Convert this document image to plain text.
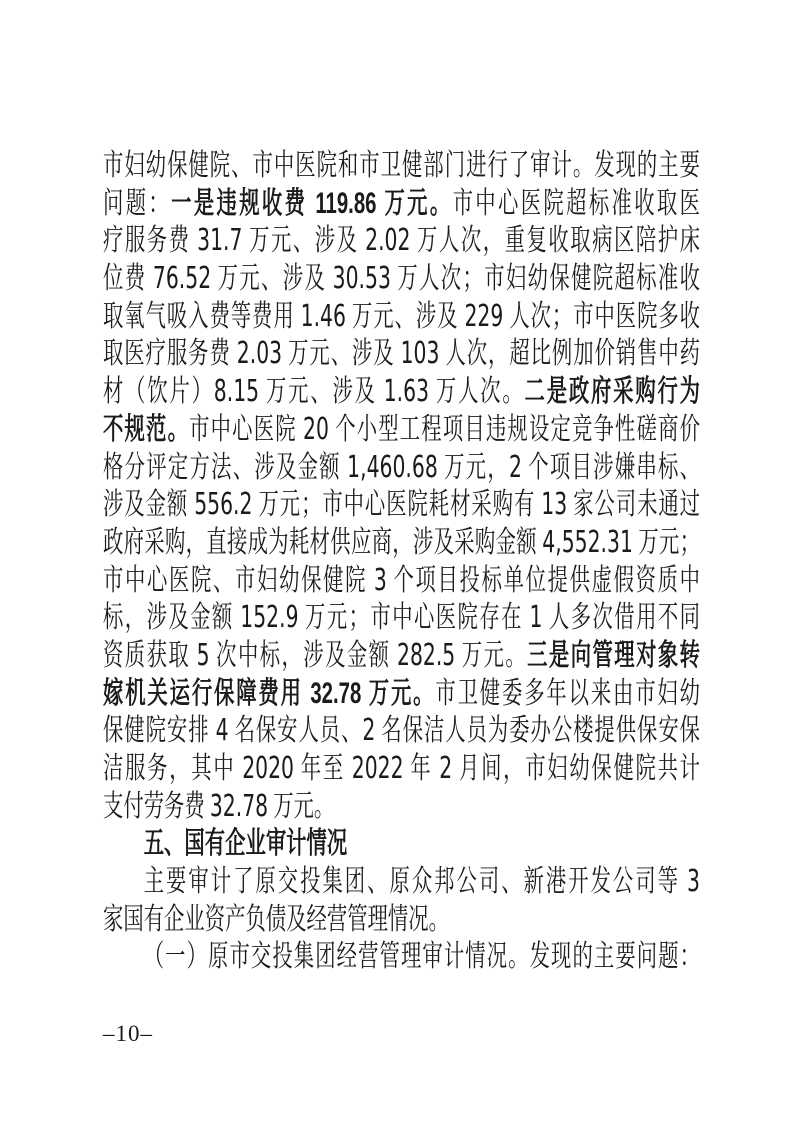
市妇幼保健院、市中医院和市卫健部门进行了审计。发现的主要
问题：一是违规收费 119.86 万元。市中心医院超标准收取医
疗服务费 31.7 万元、涉及 2.02 万人次，重复收取病区陪护床
位费 76.52 万元、涉及 30.53 万人次；市妇幼保健院超标准收
取氧气吸入费等费用 1.46 万元、涉及 229 人次；市中医院多收
取医疗服务费 2.03 万元、涉及 103 人次，超比例加价销售中药
材（饮片）8.15 万元、涉及 1.63 万人次。二是政府采购行为
不规范。市中心医院 20 个小型工程项目违规设定竞争性磋商价
格分评定方法、涉及金额 1,460.68 万元，2 个项目涉嫌串标、
涉及金额 556.2 万元；市中心医院耗材采购有 13 家公司未通过
政府采购，直接成为耗材供应商，涉及采购金额 4,552.31 万元；
市中心医院、市妇幼保健院 3 个项目投标单位提供虚假资质中
标，涉及金额 152.9 万元；市中心医院存在 1 人多次借用不同
资质获取 5 次中标，涉及金额 282.5 万元。三是向管理对象转
嫁机关运行保障费用 32.78 万元。市卫健委多年以来由市妇幼
保健院安排 4 名保安人员、2 名保洁人员为委办公楼提供保安保
洁服务，其中 2020 年至 2022 年 2 月间，市妇幼保健院共计
支付劳务费 32.78 万元。
五、国有企业审计情况
主要审计了原交投集团、原众邦公司、新港开发公司等 3
家国有企业资产负债及经营管理情况。
（一）原市交投集团经营管理审计情况。发现的主要问题：
–10–
